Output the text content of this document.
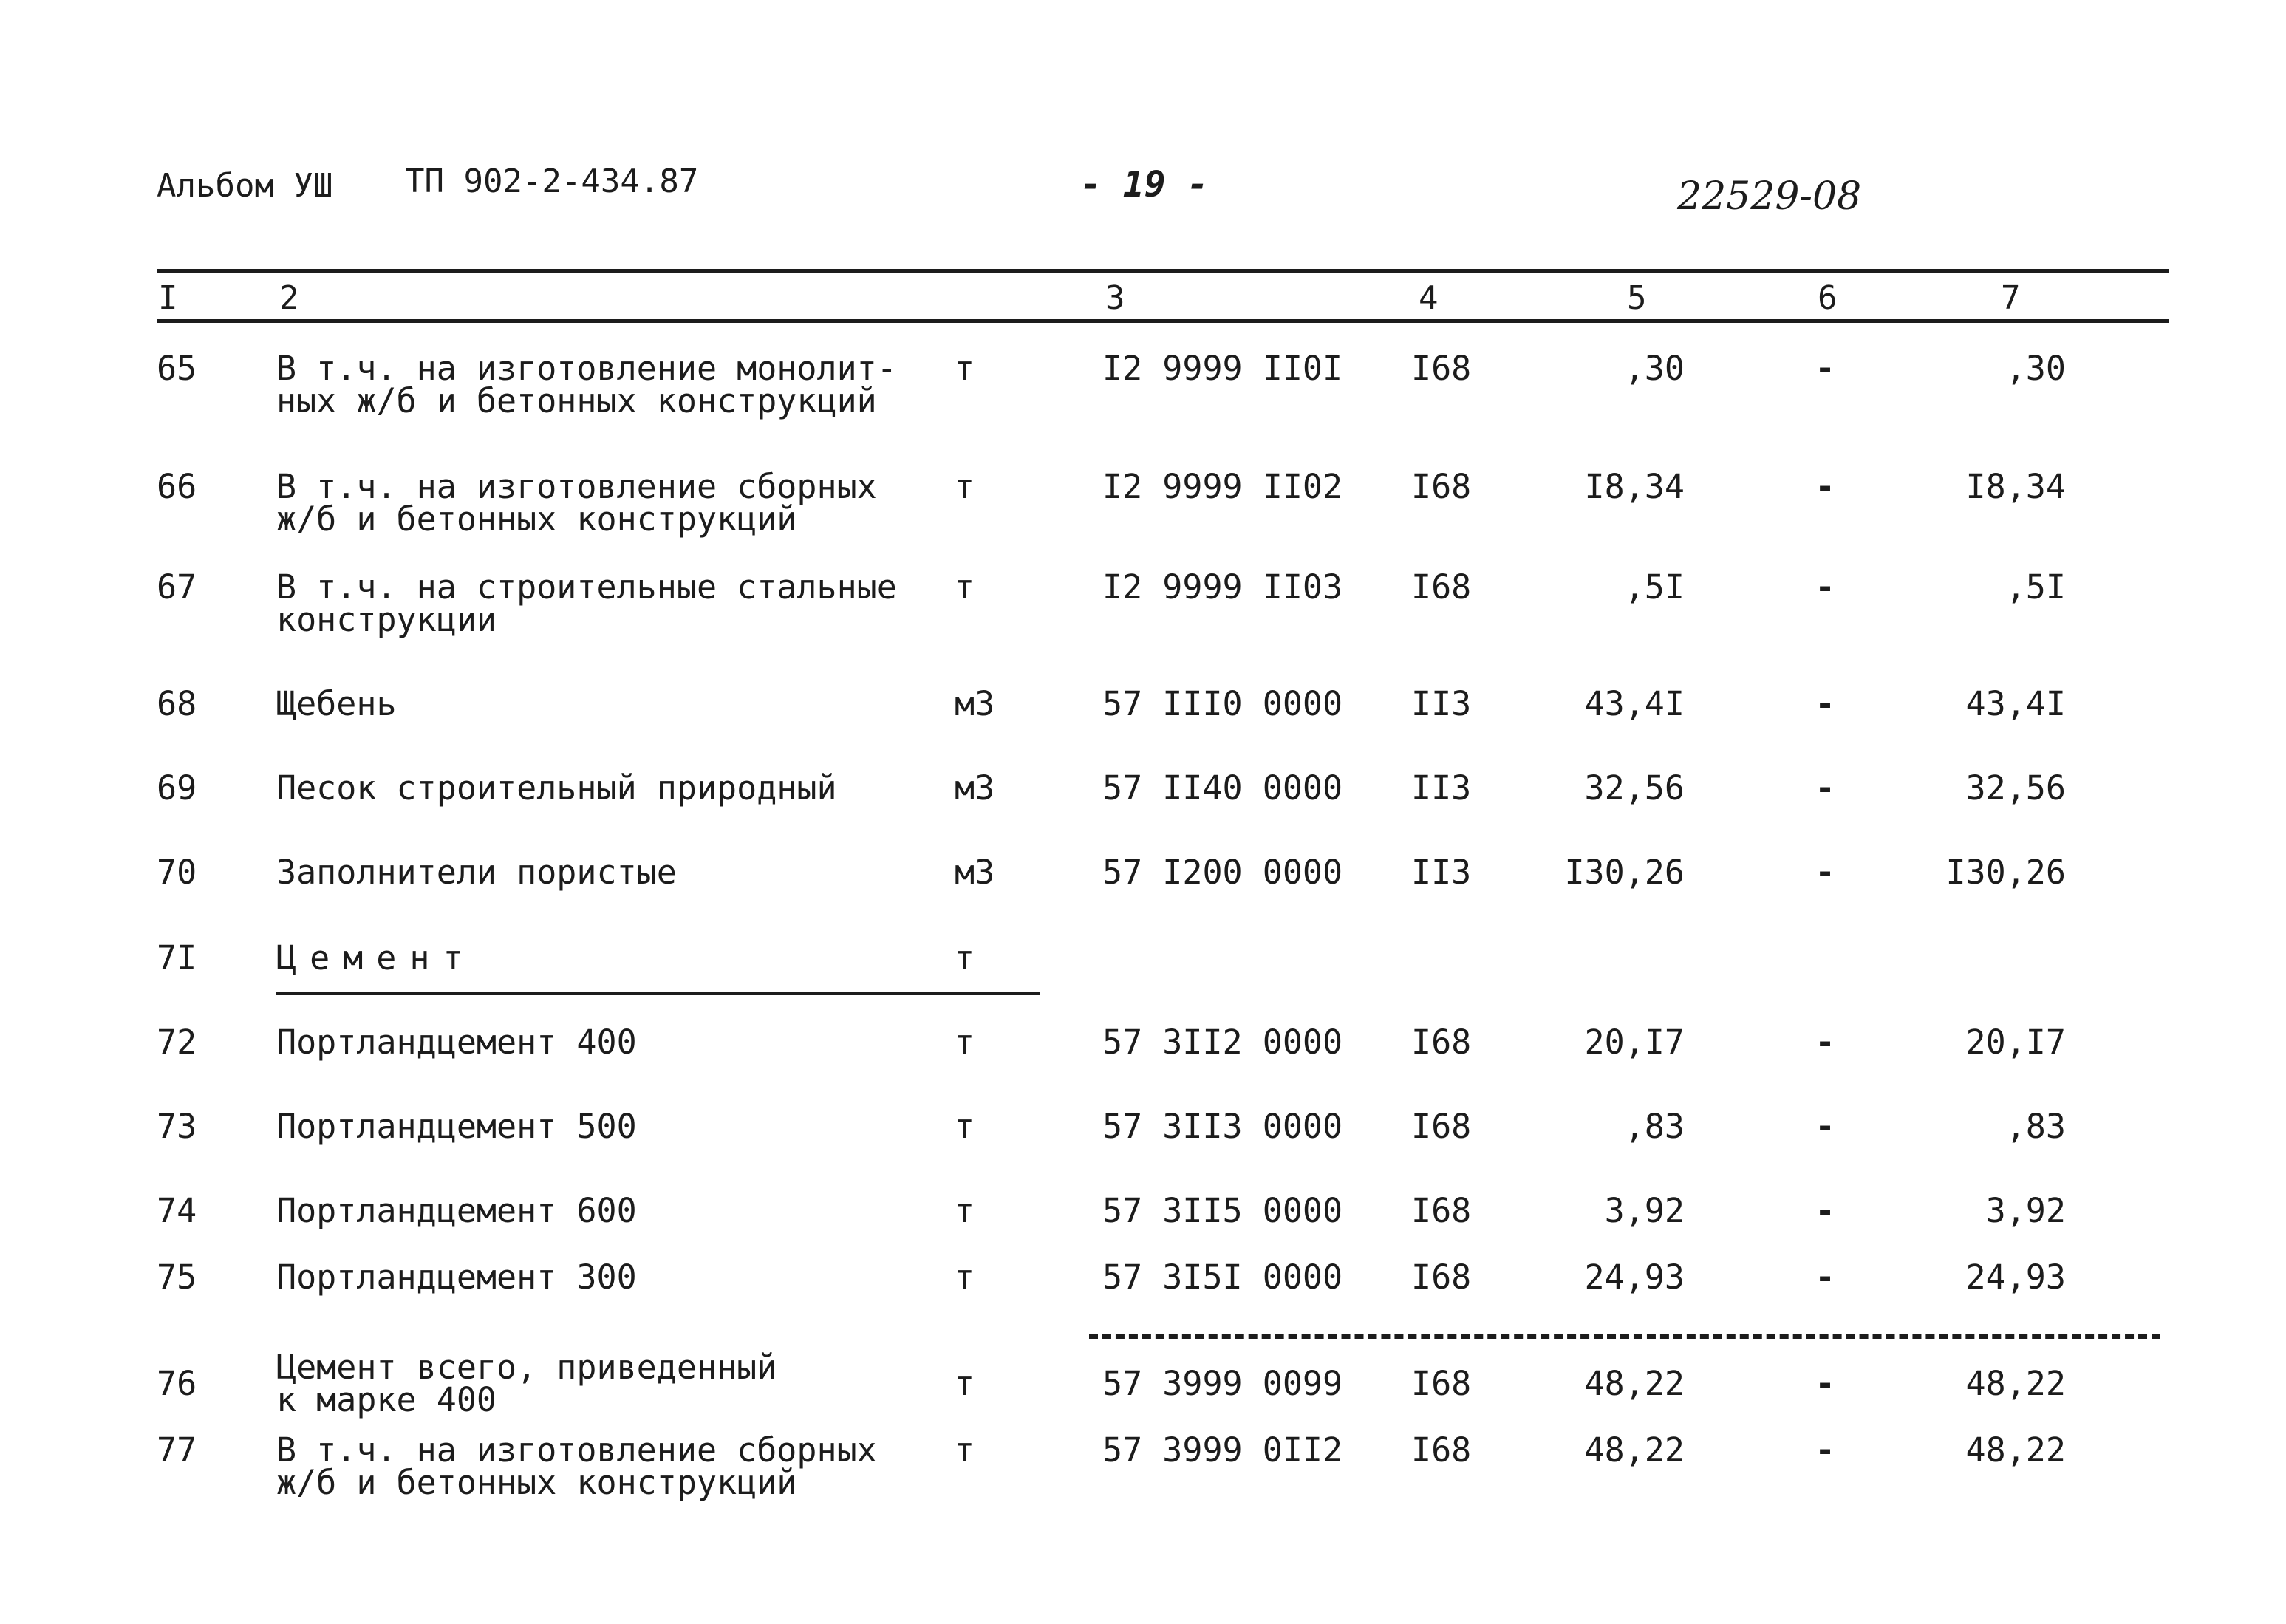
Альбом УШ ТП 902-2-434.87	- 19 -	22529-08
I	2	3	4	5	6	7
65 В т.ч. на изготовление монолит-
ных ж/б и бетонных конструкций
т	I2 9999 II0I I68	,30	-	,30
66 В т.ч. на изготовление сборных
ж/б и бетонных конструкций
т	I2 9999 II02 I68	I8,34	-	I8,34
67 В т.ч. на строительные стальные
конструкции
т	I2 9999 II03 I68	,5I	-	,5I
68 Щебень	м3	57 III0 0000 II3	43,4I	-	43,4I
69 Песок строительный природный	м3	57 II40 0000 II3	32,56	-	32,56
70 Заполнители пористые	м3	57 I200 0000 II3	I30,26	-	I30,26
7I Цемент	т
72 Портландцемент 400	т	57 3II2 0000 I68	20,I7	-	20,I7
73 Портландцемент 500	т	57 3II3 0000 I68	,83	-	,83
74 Портландцемент 600	т	57 3II5 0000 I68	3,92	-	3,92
75 Портландцемент 300	т	57 3I5I 0000 I68	24,93	-	24,93
76 Цемент всего, приведенный
к марке 400	т	57 3999 0099 I68	48,22	-	48,22
77 В т.ч. на изготовление сборных
ж/б и бетонных конструкций
т	57 3999 0II2 I68	48,22	-	48,22
